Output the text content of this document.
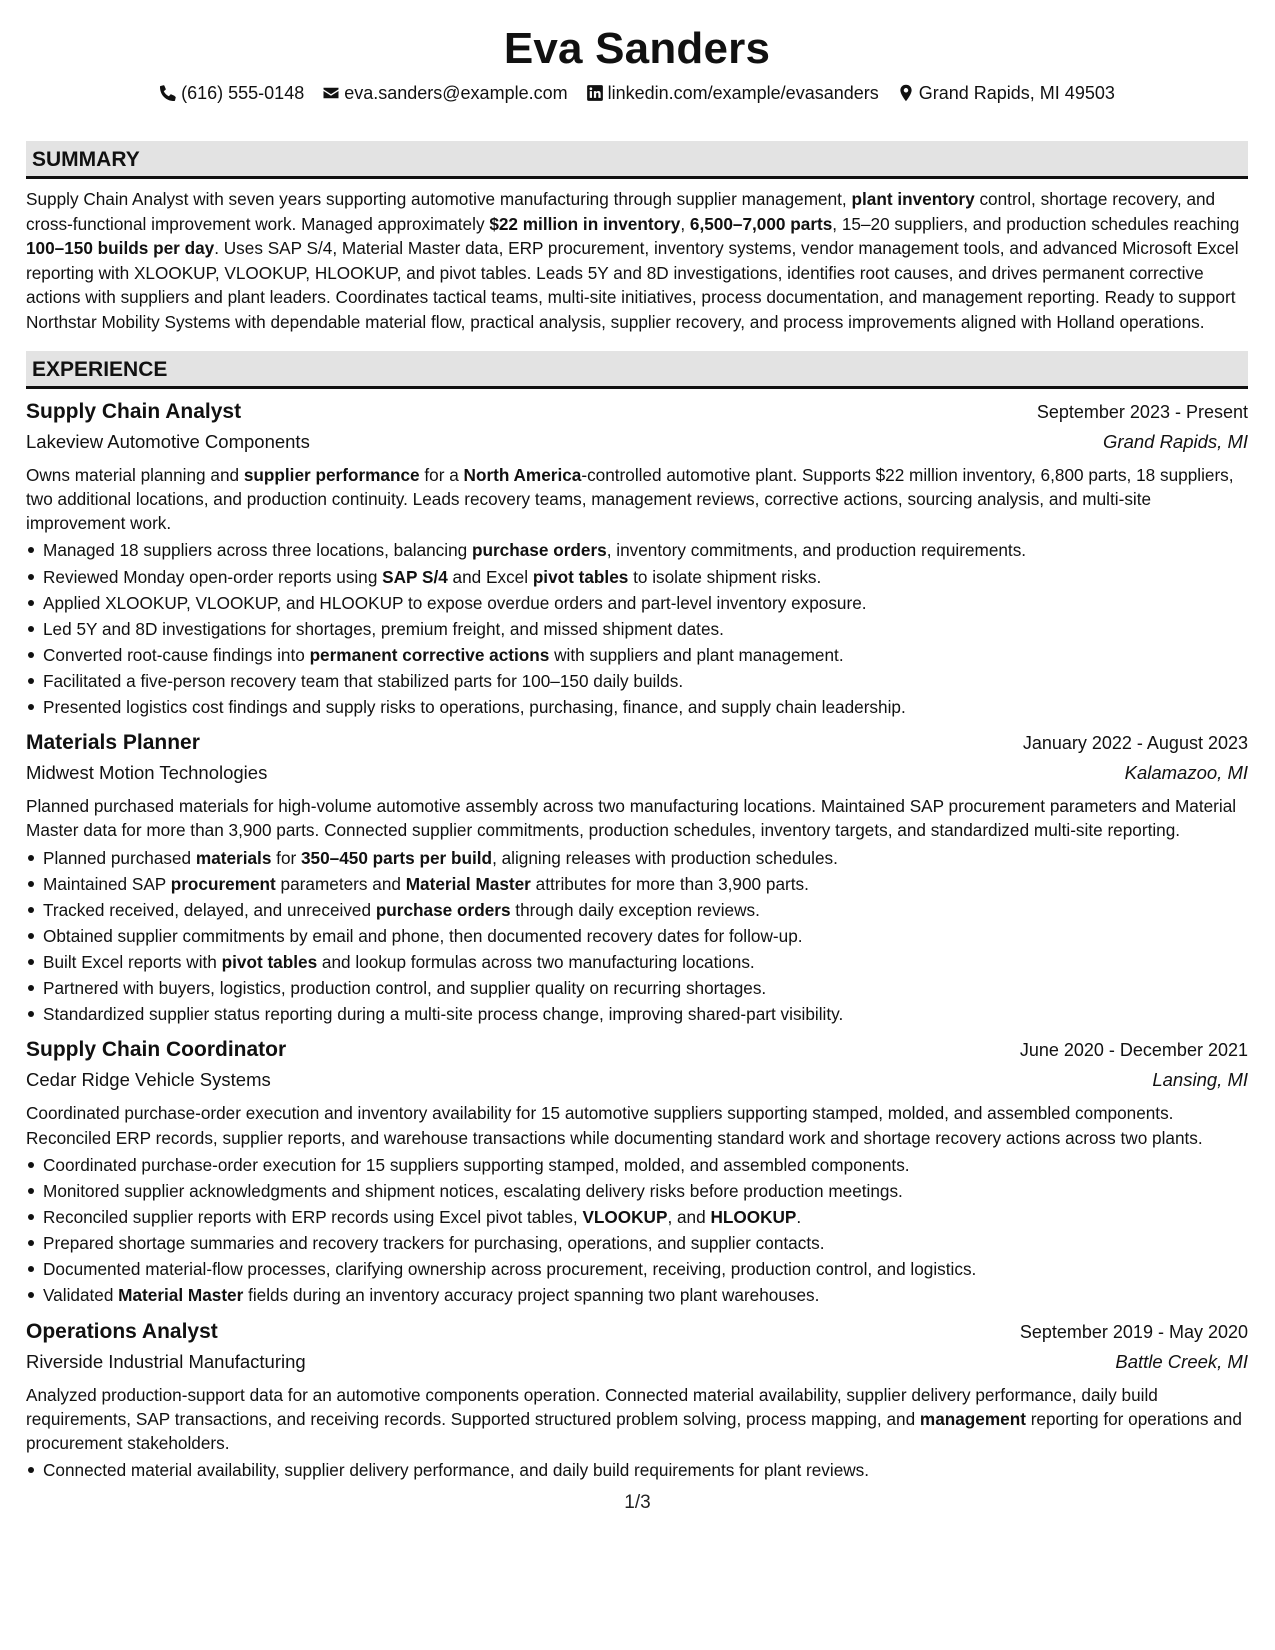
Eva Sanders
(616) 555-0148 eva.sanders@example.com linkedin.com/example/evasanders Grand Rapids, MI 49503
SUMMARY

Supply Chain Analyst with seven years supporting automotive manufacturing through supplier management, plant inventory control, shortage recovery, and cross-functional improvement work. Managed approximately $22 million in inventory, 6,500–7,000 parts, 15–20 suppliers, and production schedules reaching 100–150 builds per day. Uses SAP S/4, Material Master data, ERP procurement, inventory systems, vendor management tools, and advanced Microsoft Excel reporting with XLOOKUP, VLOOKUP, HLOOKUP, and pivot tables. Leads 5Y and 8D investigations, identifies root causes, and drives permanent corrective actions with suppliers and plant leaders. Coordinates tactical teams, multi-site initiatives, process documentation, and management reporting. Ready to support Northstar Mobility Systems with dependable material flow, practical analysis, supplier recovery, and process improvements aligned with Holland operations.

EXPERIENCE
Supply Chain Analyst	September 2023 - Present
Lakeview Automotive Components	Grand Rapids, MI
Owns material planning and supplier performance for a North America-controlled automotive plant. Supports $22 million inventory, 6,800 parts, 18 suppliers, two additional locations, and production continuity. Leads recovery teams, management reviews, corrective actions, sourcing analysis, and multi-site improvement work.
Managed 18 suppliers across three locations, balancing purchase orders, inventory commitments, and production requirements.
Reviewed Monday open-order reports using SAP S/4 and Excel pivot tables to isolate shipment risks.
Applied XLOOKUP, VLOOKUP, and HLOOKUP to expose overdue orders and part-level inventory exposure.
Led 5Y and 8D investigations for shortages, premium freight, and missed shipment dates.
Converted root-cause findings into permanent corrective actions with suppliers and plant management.
Facilitated a five-person recovery team that stabilized parts for 100–150 daily builds.
Presented logistics cost findings and supply risks to operations, purchasing, finance, and supply chain leadership.
Materials Planner	January 2022 - August 2023
Midwest Motion Technologies	Kalamazoo, MI
Planned purchased materials for high-volume automotive assembly across two manufacturing locations. Maintained SAP procurement parameters and Material Master data for more than 3,900 parts. Connected supplier commitments, production schedules, inventory targets, and standardized multi-site reporting.
Planned purchased materials for 350–450 parts per build, aligning releases with production schedules.
Maintained SAP procurement parameters and Material Master attributes for more than 3,900 parts.
Tracked received, delayed, and unreceived purchase orders through daily exception reviews.
Obtained supplier commitments by email and phone, then documented recovery dates for follow-up.
Built Excel reports with pivot tables and lookup formulas across two manufacturing locations.
Partnered with buyers, logistics, production control, and supplier quality on recurring shortages.
Standardized supplier status reporting during a multi-site process change, improving shared-part visibility.
Supply Chain Coordinator	June 2020 - December 2021
Cedar Ridge Vehicle Systems	Lansing, MI
Coordinated purchase-order execution and inventory availability for 15 automotive suppliers supporting stamped, molded, and assembled components. Reconciled ERP records, supplier reports, and warehouse transactions while documenting standard work and shortage recovery actions across two plants.
Coordinated purchase-order execution for 15 suppliers supporting stamped, molded, and assembled components.
Monitored supplier acknowledgments and shipment notices, escalating delivery risks before production meetings.
Reconciled supplier reports with ERP records using Excel pivot tables, VLOOKUP, and HLOOKUP.
Prepared shortage summaries and recovery trackers for purchasing, operations, and supplier contacts.
Documented material-flow processes, clarifying ownership across procurement, receiving, production control, and logistics.
Validated Material Master fields during an inventory accuracy project spanning two plant warehouses.
Operations Analyst	September 2019 - May 2020
Riverside Industrial Manufacturing	Battle Creek, MI
Analyzed production-support data for an automotive components operation. Connected material availability, supplier delivery performance, daily build requirements, SAP transactions, and receiving records. Supported structured problem solving, process mapping, and management reporting for operations and procurement stakeholders.
Connected material availability, supplier delivery performance, and daily build requirements for plant reviews.
1/3
